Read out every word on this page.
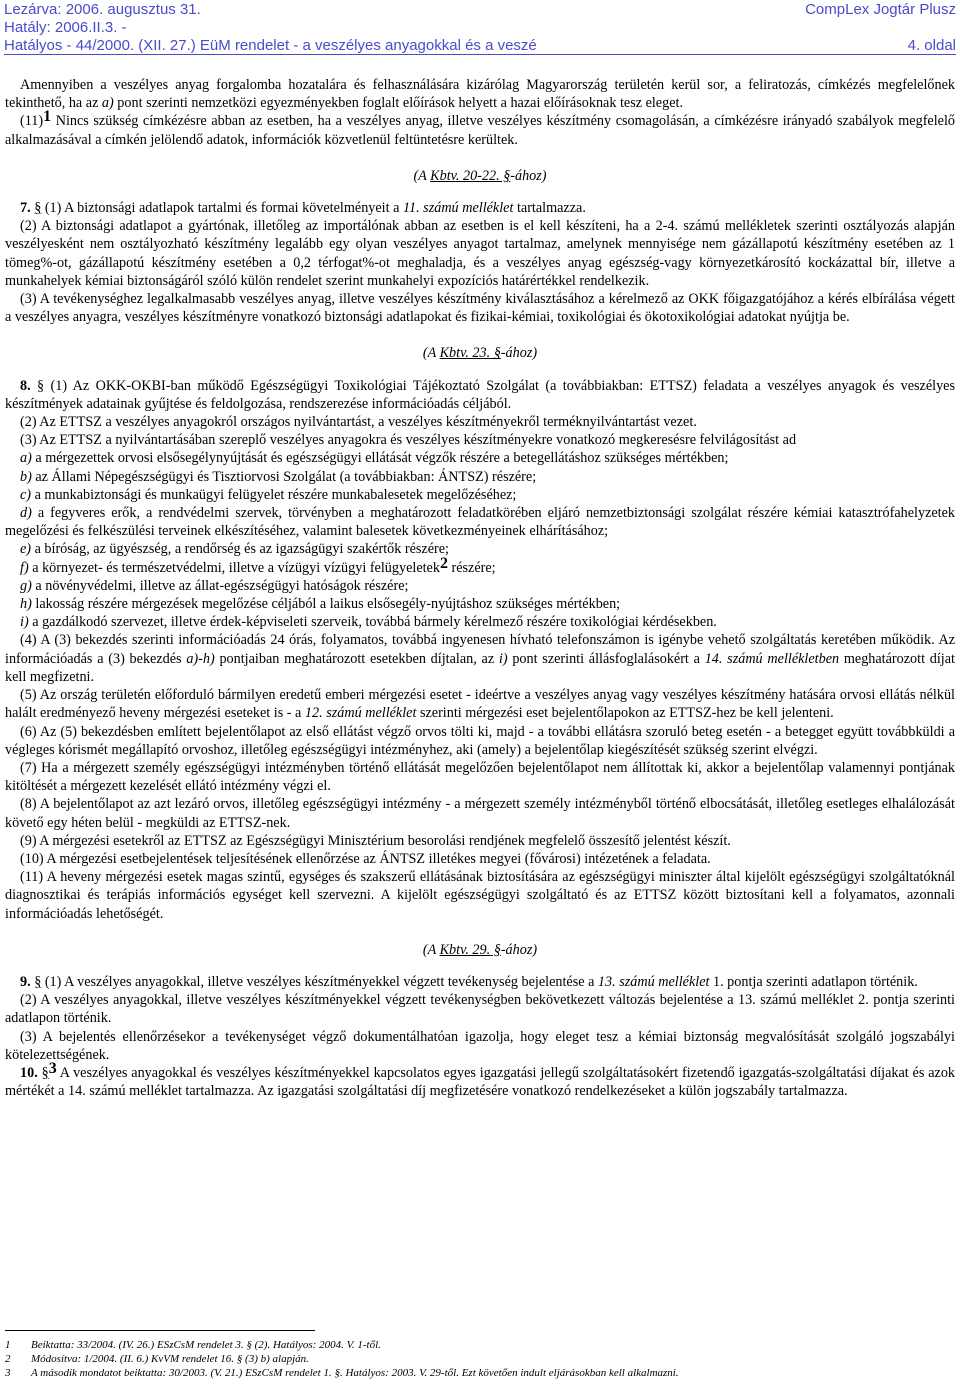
Lezárva: 2006. augusztus 31.	CompLex Jogtár Plusz
Hatály: 2006.II.3. -
Hatályos - 44/2000. (XII. 27.) EüM rendelet - a veszélyes anyagokkal és a veszé	4. oldal

Amennyiben a veszélyes anyag forgalomba hozatalára és felhasználására kizárólag Magyarország területén kerül sor, a feliratozás, címkézés megfelelőnek tekinthető, ha az a) pont szerinti nemzetközi egyezményekben foglalt előírások helyett a hazai előírásoknak tesz eleget.

(11)1 Nincs szükség címkézésre abban az esetben, ha a veszélyes anyag, illetve veszélyes készítmény csomagolásán, a címkézésre irányadó szabályok megfelelő alkalmazásával a címkén jelölendő adatok, információk közvetlenül feltüntetésre kerültek.

(A Kbtv. 20-22. §-ához)

7. § (1) A biztonsági adatlapok tartalmi és formai követelményeit a 11. számú melléklet tartalmazza.

(2) A biztonsági adatlapot a gyártónak, illetőleg az importálónak abban az esetben is el kell készíteni, ha a 2-4. számú mellékletek szerinti osztályozás alapján veszélyesként nem osztályozható készítmény legalább egy olyan veszélyes anyagot tartalmaz, amelynek mennyisége nem gázállapotú készítmény esetében az 1 tömeg%-ot, gázállapotú készítmény esetében a 0,2 térfogat%-ot meghaladja, és a veszélyes anyag egészség-vagy környezetkárosító kockázattal bír, illetve a munkahelyek kémiai biztonságáról szóló külön rendelet szerint munkahelyi expozíciós határértékkel rendelkezik.

(3) A tevékenységhez legalkalmasabb veszélyes anyag, illetve veszélyes készítmény kiválasztásához a kérelmező az OKK főigazgatójához a kérés elbírálása végett a veszélyes anyagra, veszélyes készítményre vonatkozó biztonsági adatlapokat és fizikai-kémiai, toxikológiai és ökotoxikológiai adatokat nyújtja be.

(A Kbtv. 23. §-ához)

8. § (1) Az OKK-OKBI-ban működő Egészségügyi Toxikológiai Tájékoztató Szolgálat (a továbbiakban: ETTSZ) feladata a veszélyes anyagok és veszélyes készítmények adatainak gyűjtése és feldolgozása, rendszerezése információadás céljából.

(2) Az ETTSZ a veszélyes anyagokról országos nyilvántartást, a veszélyes készítményekről terméknyilvántartást vezet.

(3) Az ETTSZ a nyilvántartásában szereplő veszélyes anyagokra és veszélyes készítményekre vonatkozó megkeresésre felvilágosítást ad

a) a mérgezettek orvosi elsősegélynyújtását és egészségügyi ellátását végzők részére a betegellátáshoz szükséges mértékben;

b) az Állami Népegészségügyi és Tisztiorvosi Szolgálat (a továbbiakban: ÁNTSZ) részére;

c) a munkabiztonsági és munkaügyi felügyelet részére munkabalesetek megelőzéséhez;

d) a fegyveres erők, a rendvédelmi szervek, törvényben a meghatározott feladatkörében eljáró nemzetbiztonsági szolgálat részére kémiai katasztrófahelyzetek megelőzési és felkészülési terveinek elkészítéséhez, valamint balesetek következményeinek elhárításához;

e) a bíróság, az ügyészség, a rendőrség és az igazságügyi szakértők részére;

f) a környezet- és természetvédelmi, illetve a vízügyi vízügyi felügyeletek2 részére;

g) a növényvédelmi, illetve az állat-egészségügyi hatóságok részére;

h) lakosság részére mérgezések megelőzése céljából a laikus elsősegély-nyújtáshoz szükséges mértékben;

i) a gazdálkodó szervezet, illetve érdek-képviseleti szerveik, továbbá bármely kérelmező részére toxikológiai kérdésekben.

(4) A (3) bekezdés szerinti információadás 24 órás, folyamatos, továbbá ingyenesen hívható telefonszámon is igénybe vehető szolgáltatás keretében működik. Az információadás a (3) bekezdés a)-h) pontjaiban meghatározott esetekben díjtalan, az i) pont szerinti állásfoglalásokért a 14. számú mellékletben meghatározott díjat kell megfizetni.

(5) Az ország területén előforduló bármilyen eredetű emberi mérgezési esetet - ideértve a veszélyes anyag vagy veszélyes készítmény hatására orvosi ellátás nélkül halált eredményező heveny mérgezési eseteket is - a 12. számú melléklet szerinti mérgezési eset bejelentőlapokon az ETTSZ-hez be kell jelenteni.

(6) Az (5) bekezdésben említett bejelentőlapot az első ellátást végző orvos tölti ki, majd - a további ellátásra szoruló beteg esetén - a betegget együtt továbbküldi a végleges kórismét megállapító orvoshoz, illetőleg egészségügyi intézményhez, aki (amely) a bejelentőlap kiegészítését szükség szerint elvégzi.

(7) Ha a mérgezett személy egészségügyi intézményben történő ellátását megelőzően bejelentőlapot nem állítottak ki, akkor a bejelentőlap valamennyi pontjának kitöltését a mérgezett kezelését ellátó intézmény végzi el.

(8) A bejelentőlapot az azt lezáró orvos, illetőleg egészségügyi intézmény - a mérgezett személy intézményből történő elbocsátását, illetőleg esetleges elhalálozását követő egy héten belül - megküldi az ETTSZ-nek.

(9) A mérgezési esetekről az ETTSZ az Egészségügyi Minisztérium besorolási rendjének megfelelő összesítő jelentést készít.

(10) A mérgezési esetbejelentések teljesítésének ellenőrzése az ÁNTSZ illetékes megyei (fővárosi) intézetének a feladata.

(11) A heveny mérgezési esetek magas szintű, egységes és szakszerű ellátásának biztosítására az egészségügyi miniszter által kijelölt egészségügyi szolgáltatóknál diagnosztikai és terápiás információs egységet kell szervezni. A kijelölt egészségügyi szolgáltató és az ETTSZ között biztosítani kell a folyamatos, azonnali információadás lehetőségét.

(A Kbtv. 29. §-ához)

9. § (1) A veszélyes anyagokkal, illetve veszélyes készítményekkel végzett tevékenység bejelentése a 13. számú melléklet 1. pontja szerinti adatlapon történik.

(2) A veszélyes anyagokkal, illetve veszélyes készítményekkel végzett tevékenységben bekövetkezett változás bejelentése a 13. számú melléklet 2. pontja szerinti adatlapon történik.

(3) A bejelentés ellenőrzésekor a tevékenységet végző dokumentálhatóan igazolja, hogy eleget tesz a kémiai biztonság megvalósítását szolgáló jogszabályi kötelezettségének.

10. §3 A veszélyes anyagokkal és veszélyes készítményekkel kapcsolatos egyes igazgatási jellegű szolgáltatásokért fizetendő igazgatás-szolgáltatási díjakat és azok mértékét a 14. számú melléklet tartalmazza. Az igazgatási szolgáltatási díj megfizetésére vonatkozó rendelkezéseket a külön jogszabály tartalmazza.

1 Beiktatta: 33/2004. (IV. 26.) ESzCsM rendelet 3. § (2). Hatályos: 2004. V. 1-től.
2 Módosítva: 1/2004. (II. 6.) KvVM rendelet 16. § (3) b) alapján.
3 A második mondatot beiktatta: 30/2003. (V. 21.) ESzCsM rendelet 1. §. Hatályos: 2003. V. 29-től. Ezt követően indult eljárásokban kell alkalmazni.
